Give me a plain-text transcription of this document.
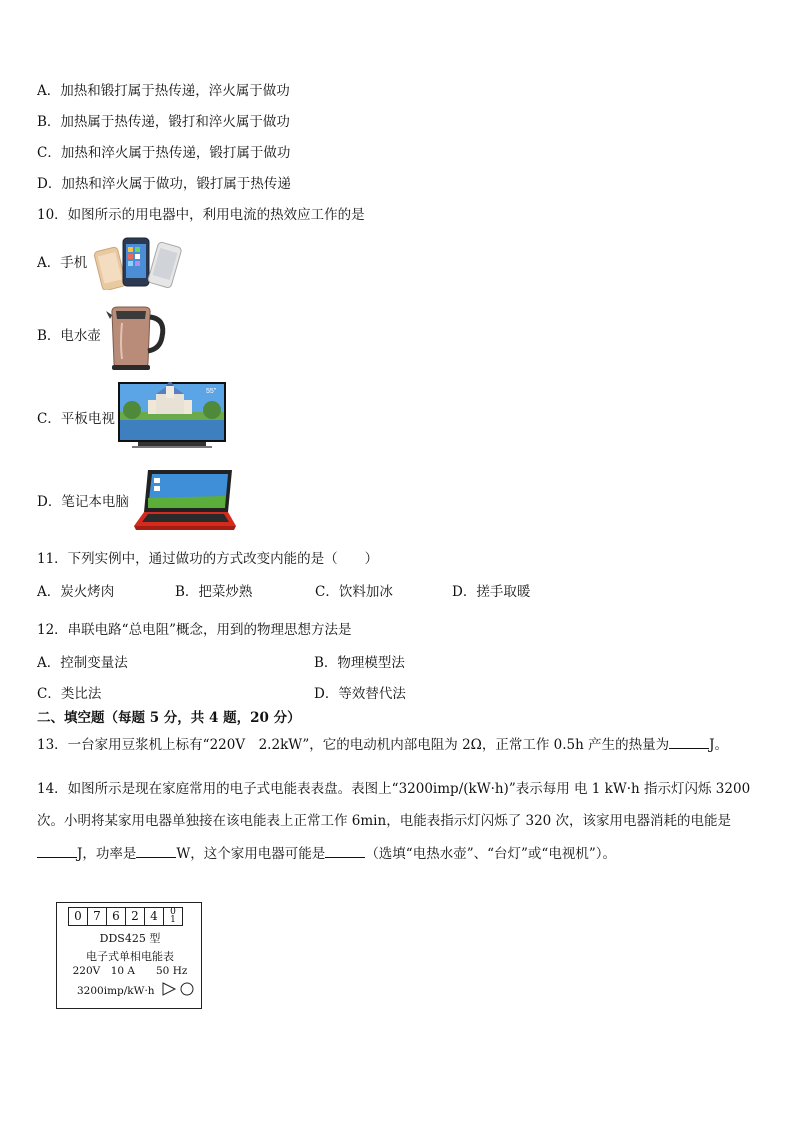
A．加热和锻打属于热传递，淬火属于做功
B．加热属于热传递，锻打和淬火属于做功
C．加热和淬火属于热传递，锻打属于做功
D．加热和淬火属于做功，锻打属于热传递
10．如图所示的用电器中，利用电流的热效应工作的是
A．手机
B．电水壶
C．平板电视
55"
D．笔记本电脑
11．下列实例中，通过做功的方式改变内能的是（　　）
A．炭火烤肉	B．把菜炒熟	C．饮料加冰	D．搓手取暖
12．串联电路“总电阻”概念，用到的物理思想方法是
A．控制变量法	B．物理模型法
C．类比法	D．等效替代法
二、填空题（每题 5 分，共 4 题，20 分）
13．一台家用豆浆机上标有“220V　2.2kW”，它的电动机内部电阻为 2Ω，正常工作 0.5h 产生的热量为	J。
14．如图所示是现在家庭常用的电子式电能表表盘。表图上“3200imp/(kW·h)”表示每用 电 1 kW·h 指示灯闪烁 3200
次。小明将某家用电器单独接在该电能表上正常工作 6min，电能表指示灯闪烁了 320 次，该家用电器消耗的电能是
J，功率是	W，这个家用电器可能是	（选填“电热水壶”、“台灯”或“电视机”）。
0 7 6 2 4	0
1
DDS425 型
电子式单相电能表
220V　10 A　　50 Hz
3200imp/kW·h
